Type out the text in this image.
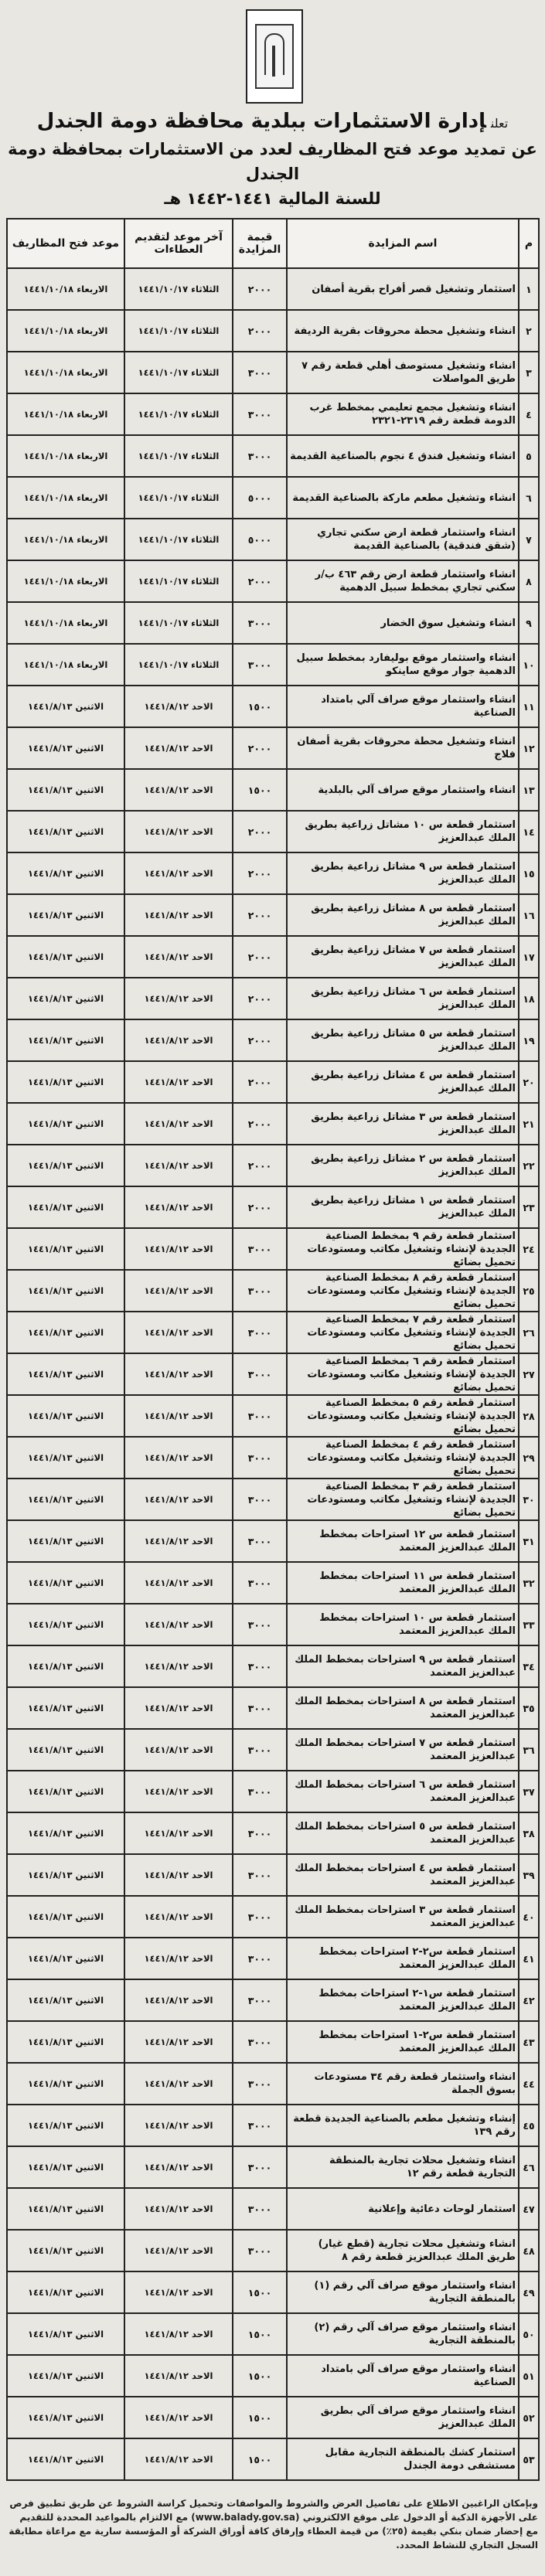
تعلنإدارة الاستثمارات ببلدية محافظة دومة الجندل
عن تمديد موعد فتح المظاريف لعدد من الاستثمارات بمحافظة دومة الجندل
للسنة المالية ١٤٤١-١٤٤٢ هـ
م	اسم المزايدة	قيمة المزايدة	آخر موعد لتقديم العطاءات	موعد فتح المظاريف
١	استثمار وتشغيل قصر أفراح بقرية أصفان	٢٠٠٠	الثلاثاء ١٤٤١/١٠/١٧	الاربعاء ١٤٤١/١٠/١٨
٢	انشاء وتشغيل محطة محروقات بقرية الرديفة	٢٠٠٠	الثلاثاء ١٤٤١/١٠/١٧	الاربعاء ١٤٤١/١٠/١٨
٣	انشاء وتشغيل مستوصف أهلي قطعة رقم ٧ طريق المواصلات	٣٠٠٠	الثلاثاء ١٤٤١/١٠/١٧	الاربعاء ١٤٤١/١٠/١٨
٤	انشاء وتشغيل مجمع تعليمي بمخطط غرب الدومة قطعة رقم ٢٣١٩-٢٣٢١	٣٠٠٠	الثلاثاء ١٤٤١/١٠/١٧	الاربعاء ١٤٤١/١٠/١٨
٥	انشاء وتشغيل فندق ٤ نجوم بالصناعية القديمة	٣٠٠٠	الثلاثاء ١٤٤١/١٠/١٧	الاربعاء ١٤٤١/١٠/١٨
٦	انشاء وتشغيل مطعم ماركة بالصناعية القديمة	٥٠٠٠	الثلاثاء ١٤٤١/١٠/١٧	الاربعاء ١٤٤١/١٠/١٨
٧	انشاء واستثمار قطعة ارض سكني تجاري (شقق فندقية) بالصناعية القديمة	٥٠٠٠	الثلاثاء ١٤٤١/١٠/١٧	الاربعاء ١٤٤١/١٠/١٨
٨	انشاء واستثمار قطعة ارض رقم ٤٦٣ ب/ر سكني تجاري بمخطط سبيل الدهمية	٢٠٠٠	الثلاثاء ١٤٤١/١٠/١٧	الاربعاء ١٤٤١/١٠/١٨
٩	انشاء وتشغيل سوق الخضار	٣٠٠٠	الثلاثاء ١٤٤١/١٠/١٧	الاربعاء ١٤٤١/١٠/١٨
١٠	انشاء واستثمار موقع بوليفارد بمخطط سبيل الدهمية جوار موقع ساينكو	٣٠٠٠	الثلاثاء ١٤٤١/١٠/١٧	الاربعاء ١٤٤١/١٠/١٨
١١	انشاء واستثمار موقع صراف آلي بامتداد الصناعية	١٥٠٠	الاحد ١٤٤١/٨/١٢	الاثنين ١٤٤١/٨/١٣
١٢	انشاء وتشغيل محطة محروقات بقرية أصفان فلاج	٢٠٠٠	الاحد ١٤٤١/٨/١٢	الاثنين ١٤٤١/٨/١٣
١٣	انشاء واستثمار موقع صراف آلي بالبلدية	١٥٠٠	الاحد ١٤٤١/٨/١٢	الاثنين ١٤٤١/٨/١٣
١٤	استثمار قطعة س ١٠ مشاتل زراعية بطريق الملك عبدالعزيز	٢٠٠٠	الاحد ١٤٤١/٨/١٢	الاثنين ١٤٤١/٨/١٣
١٥	استثمار قطعة س ٩ مشاتل زراعية بطريق الملك عبدالعزيز	٢٠٠٠	الاحد ١٤٤١/٨/١٢	الاثنين ١٤٤١/٨/١٣
١٦	استثمار قطعة س ٨ مشاتل زراعية بطريق الملك عبدالعزيز	٢٠٠٠	الاحد ١٤٤١/٨/١٢	الاثنين ١٤٤١/٨/١٣
١٧	استثمار قطعة س ٧ مشاتل زراعية بطريق الملك عبدالعزيز	٢٠٠٠	الاحد ١٤٤١/٨/١٢	الاثنين ١٤٤١/٨/١٣
١٨	استثمار قطعة س ٦ مشاتل زراعية بطريق الملك عبدالعزيز	٢٠٠٠	الاحد ١٤٤١/٨/١٢	الاثنين ١٤٤١/٨/١٣
١٩	استثمار قطعة س ٥ مشاتل زراعية بطريق الملك عبدالعزيز	٢٠٠٠	الاحد ١٤٤١/٨/١٢	الاثنين ١٤٤١/٨/١٣
٢٠	استثمار قطعة س ٤ مشاتل زراعية بطريق الملك عبدالعزيز	٢٠٠٠	الاحد ١٤٤١/٨/١٢	الاثنين ١٤٤١/٨/١٣
٢١	استثمار قطعة س ٣ مشاتل زراعية بطريق الملك عبدالعزيز	٢٠٠٠	الاحد ١٤٤١/٨/١٢	الاثنين ١٤٤١/٨/١٣
٢٢	استثمار قطعة س ٢ مشاتل زراعية بطريق الملك عبدالعزيز	٢٠٠٠	الاحد ١٤٤١/٨/١٢	الاثنين ١٤٤١/٨/١٣
٢٣	استثمار قطعة س ١ مشاتل زراعية بطريق الملك عبدالعزيز	٢٠٠٠	الاحد ١٤٤١/٨/١٢	الاثنين ١٤٤١/٨/١٣
٢٤	استثمار قطعة رقم ٩ بمخطط الصناعية الجديدة لإنشاء وتشغيل مكاتب ومستودعات تحميل بضائع	٣٠٠٠	الاحد ١٤٤١/٨/١٢	الاثنين ١٤٤١/٨/١٣
٢٥	استثمار قطعة رقم ٨ بمخطط الصناعية الجديدة لإنشاء وتشغيل مكاتب ومستودعات تحميل بضائع	٣٠٠٠	الاحد ١٤٤١/٨/١٢	الاثنين ١٤٤١/٨/١٣
٢٦	استثمار قطعة رقم ٧ بمخطط الصناعية الجديدة لإنشاء وتشغيل مكاتب ومستودعات تحميل بضائع	٣٠٠٠	الاحد ١٤٤١/٨/١٢	الاثنين ١٤٤١/٨/١٣
٢٧	استثمار قطعة رقم ٦ بمخطط الصناعية الجديدة لإنشاء وتشغيل مكاتب ومستودعات تحميل بضائع	٣٠٠٠	الاحد ١٤٤١/٨/١٢	الاثنين ١٤٤١/٨/١٣
٢٨	استثمار قطعة رقم ٥ بمخطط الصناعية الجديدة لإنشاء وتشغيل مكاتب ومستودعات تحميل بضائع	٣٠٠٠	الاحد ١٤٤١/٨/١٢	الاثنين ١٤٤١/٨/١٣
٢٩	استثمار قطعة رقم ٤ بمخطط الصناعية الجديدة لإنشاء وتشغيل مكاتب ومستودعات تحميل بضائع	٣٠٠٠	الاحد ١٤٤١/٨/١٢	الاثنين ١٤٤١/٨/١٣
٣٠	استثمار قطعة رقم ٣ بمخطط الصناعية الجديدة لإنشاء وتشغيل مكاتب ومستودعات تحميل بضائع	٣٠٠٠	الاحد ١٤٤١/٨/١٢	الاثنين ١٤٤١/٨/١٣
٣١	استثمار قطعة س ١٢ استراحات بمخطط الملك عبدالعزيز المعتمد	٣٠٠٠	الاحد ١٤٤١/٨/١٢	الاثنين ١٤٤١/٨/١٣
٣٢	استثمار قطعة س ١١ استراحات بمخطط الملك عبدالعزيز المعتمد	٣٠٠٠	الاحد ١٤٤١/٨/١٢	الاثنين ١٤٤١/٨/١٣
٣٣	استثمار قطعة س ١٠ استراحات بمخطط الملك عبدالعزيز المعتمد	٣٠٠٠	الاحد ١٤٤١/٨/١٢	الاثنين ١٤٤١/٨/١٣
٣٤	استثمار قطعة س ٩ استراحات بمخطط الملك عبدالعزيز المعتمد	٣٠٠٠	الاحد ١٤٤١/٨/١٢	الاثنين ١٤٤١/٨/١٣
٣٥	استثمار قطعة س ٨ استراحات بمخطط الملك عبدالعزيز المعتمد	٣٠٠٠	الاحد ١٤٤١/٨/١٢	الاثنين ١٤٤١/٨/١٣
٣٦	استثمار قطعة س ٧ استراحات بمخطط الملك عبدالعزيز المعتمد	٣٠٠٠	الاحد ١٤٤١/٨/١٢	الاثنين ١٤٤١/٨/١٣
٣٧	استثمار قطعة س ٦ استراحات بمخطط الملك عبدالعزيز المعتمد	٣٠٠٠	الاحد ١٤٤١/٨/١٢	الاثنين ١٤٤١/٨/١٣
٣٨	استثمار قطعة س ٥ استراحات بمخطط الملك عبدالعزيز المعتمد	٣٠٠٠	الاحد ١٤٤١/٨/١٢	الاثنين ١٤٤١/٨/١٣
٣٩	استثمار قطعة س ٤ استراحات بمخطط الملك عبدالعزيز المعتمد	٣٠٠٠	الاحد ١٤٤١/٨/١٢	الاثنين ١٤٤١/٨/١٣
٤٠	استثمار قطعة س ٣ استراحات بمخطط الملك عبدالعزيز المعتمد	٣٠٠٠	الاحد ١٤٤١/٨/١٢	الاثنين ١٤٤١/٨/١٣
٤١	استثمار قطعة س٢-٢ استراحات بمخطط الملك عبدالعزيز المعتمد	٣٠٠٠	الاحد ١٤٤١/٨/١٢	الاثنين ١٤٤١/٨/١٣
٤٢	استثمار قطعة س١-٢ استراحات بمخطط الملك عبدالعزيز المعتمد	٣٠٠٠	الاحد ١٤٤١/٨/١٢	الاثنين ١٤٤١/٨/١٣
٤٣	استثمار قطعة س٢-١ استراحات بمخطط الملك عبدالعزيز المعتمد	٣٠٠٠	الاحد ١٤٤١/٨/١٢	الاثنين ١٤٤١/٨/١٣
٤٤	انشاء واستثمار قطعة رقم ٣٤ مستودعات بسوق الجملة	٣٠٠٠	الاحد ١٤٤١/٨/١٢	الاثنين ١٤٤١/٨/١٣
٤٥	إنشاء وتشغيل مطعم بالصناعية الجديدة قطعة رقم ١٣٩	٣٠٠٠	الاحد ١٤٤١/٨/١٢	الاثنين ١٤٤١/٨/١٣
٤٦	انشاء وتشغيل محلات تجارية بالمنطقة التجارية قطعة رقم ١٢	٣٠٠٠	الاحد ١٤٤١/٨/١٢	الاثنين ١٤٤١/٨/١٣
٤٧	استثمار لوحات دعائية وإعلانية	٣٠٠٠	الاحد ١٤٤١/٨/١٢	الاثنين ١٤٤١/٨/١٣
٤٨	انشاء وتشغيل محلات تجارية (قطع غيار) طريق الملك عبدالعزيز قطعة رقم ٨	٣٠٠٠	الاحد ١٤٤١/٨/١٢	الاثنين ١٤٤١/٨/١٣
٤٩	انشاء واستثمار موقع صراف آلي رقم (١) بالمنطقة التجارية	١٥٠٠	الاحد ١٤٤١/٨/١٢	الاثنين ١٤٤١/٨/١٣
٥٠	انشاء واستثمار موقع صراف آلي رقم (٢) بالمنطقة التجارية	١٥٠٠	الاحد ١٤٤١/٨/١٢	الاثنين ١٤٤١/٨/١٣
٥١	انشاء واستثمار موقع صراف آلي بامتداد الصناعية	١٥٠٠	الاحد ١٤٤١/٨/١٢	الاثنين ١٤٤١/٨/١٣
٥٢	انشاء واستثمار موقع صراف آلي بطريق الملك عبدالعزيز	١٥٠٠	الاحد ١٤٤١/٨/١٢	الاثنين ١٤٤١/٨/١٣
٥٣	استثمار كشك بالمنطقة التجارية مقابل مستشفى دومة الجندل	١٥٠٠	الاحد ١٤٤١/٨/١٢	الاثنين ١٤٤١/٨/١٣
وبإمكان الراغبين الاطلاع على تفاصيل العرض والشروط والمواصفات وتحميل كراسة الشروط عن طريق تطبيق فرص على الأجهزة الذكية أو الدخول على موقع الالكتروني (www.balady.gov.sa) مع الالتزام بالمواعيد المحددة للتقديم مع إحضار ضمان بنكي بقيمة (٢٥٪) من قيمة العطاء وإرفاق كافة أوراق الشركة أو المؤسسة سارية مع مراعاة مطابقة السجل التجاري للنشاط المحدد.
